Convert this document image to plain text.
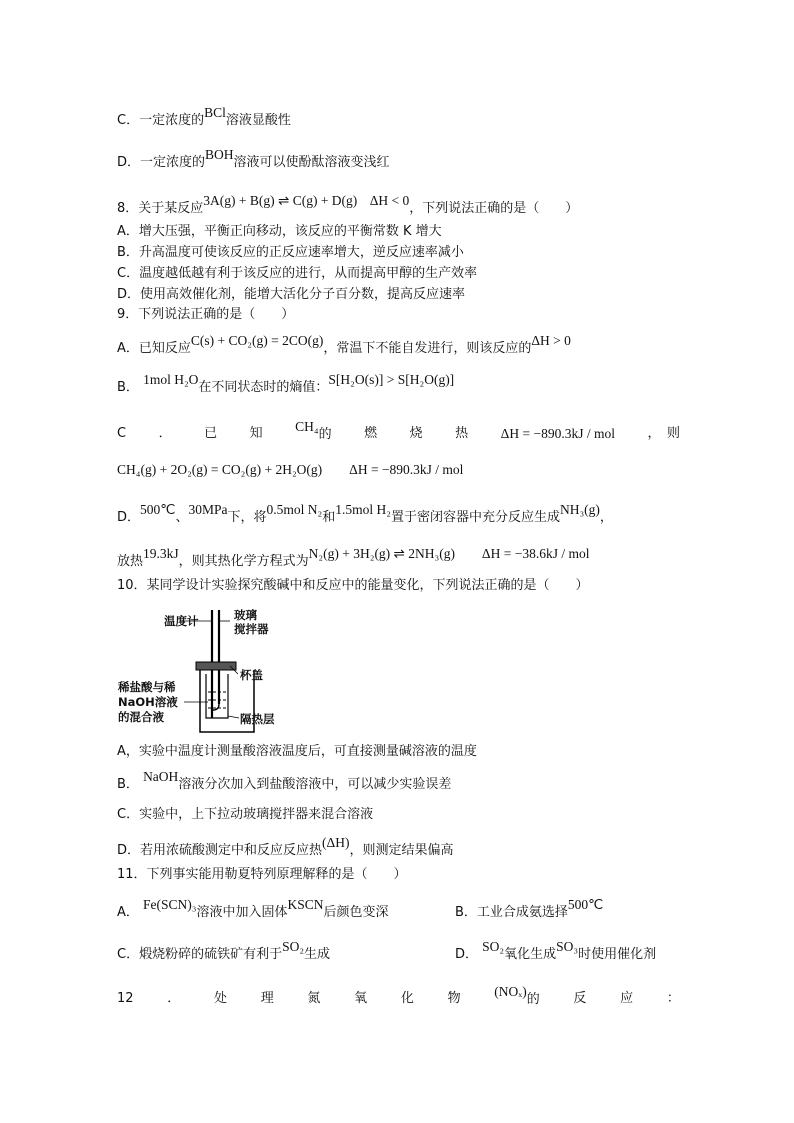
C．一定浓度的BCl溶液显酸性
D．一定浓度的BOH溶液可以使酚酞溶液变浅红
8．关于某反应3A(g) + B(g) ⇌ C(g) + D(g) ΔH < 0，下列说法正确的是（　　）
A．增大压强，平衡正向移动，该反应的平衡常数 K 增大
B．升高温度可使该反应的正反应速率增大，逆反应速率减小
C．温度越低越有利于该反应的进行，从而提高甲醇的生产效率
D．使用高效催化剂，能增大活化分子百分数，提高反应速率
9．下列说法正确的是（　　）
A．已知反应C(s) + CO₂(g) = 2CO(g)，常温下不能自发进行，则该反应的ΔH > 0
B． 1mol H₂O在不同状态时的熵值：S[H₂O(s)] > S[H₂O(g)]
C	．	已	知 CH₄的	燃	烧	热 ΔH = −890.3kJ / mol	，　则
CH₄(g) + 2O₂(g) = CO₂(g) + 2H₂O(g)　　ΔH = −890.3kJ / mol
D．500℃、30MPa下，将0.5mol N₂和1.5mol H₂置于密闭容器中充分反应生成NH₃(g)，
放热19.3kJ，则其热化学方程式为N₂(g) + 3H₂(g) ⇌ 2NH₃(g)　　ΔH = −38.6kJ / mol
10．某同学设计实验探究酸碱中和反应中的能量变化，下列说法正确的是（　　）
温度计	玻璃
搅拌器
杯盖
稀盐酸与稀
NaOH溶液
的混合液	隔热层
A，实验中温度计测量酸溶液温度后，可直接测量碱溶液的温度
B． NaOH溶液分次加入到盐酸溶液中，可以减少实验误差
C．实验中，上下拉动玻璃搅拌器来混合溶液
D．若用浓硫酸测定中和反应反应热(ΔH)，则测定结果偏高
11．下列事实能用勒夏特列原理解释的是（　　）
A． Fe(SCN)₃溶液中加入固体KSCN后颜色变深	B．工业合成氨选择500℃
C．煅烧粉碎的硫铁矿有利于SO₂生成	D． SO₂氧化生成SO₃时使用催化剂
12	．	处	理	氮	氧	化	物 (NOₓ)的	反	应	：
